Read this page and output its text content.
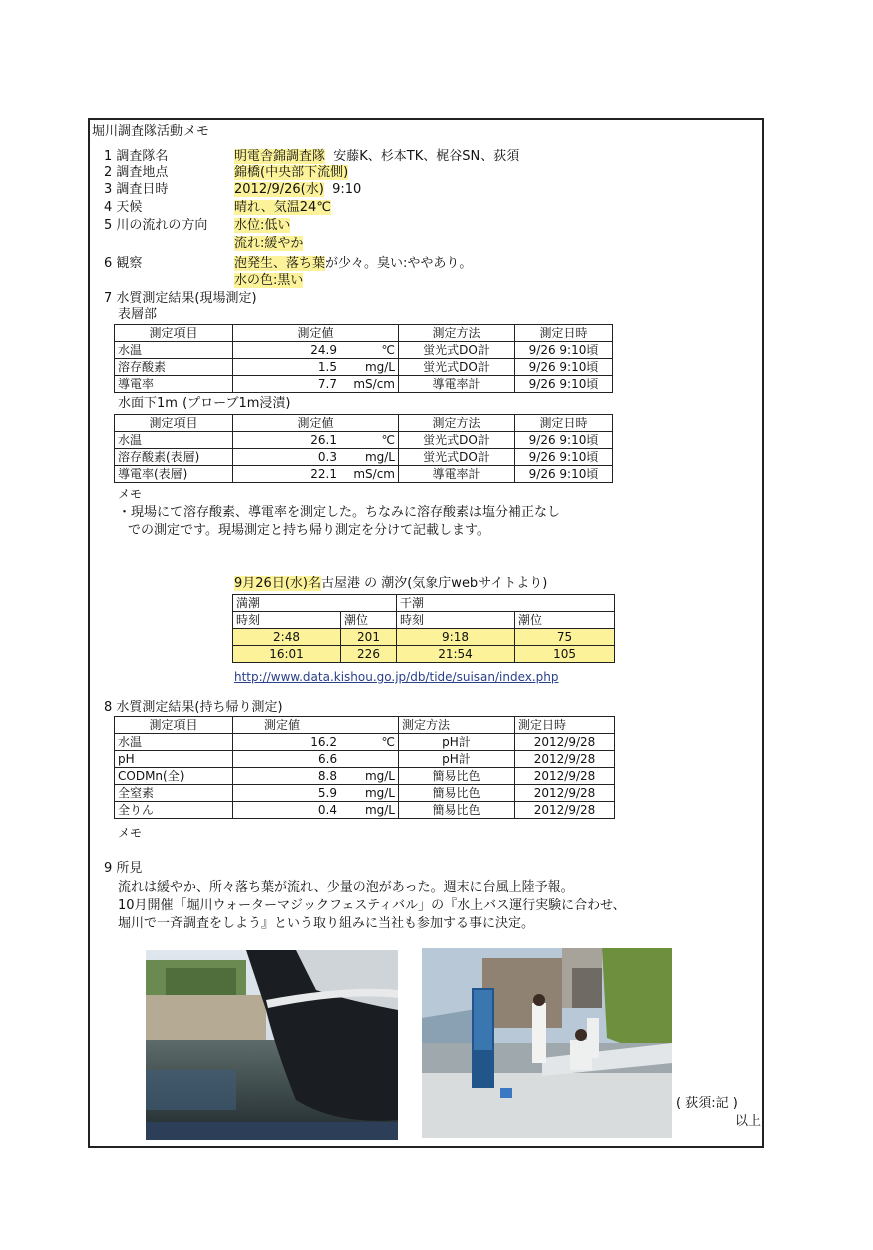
堀川調査隊活動メモ
1 調査隊名	明電舎錦調査隊 安藤K、杉本TK、梶谷SN、荻須
2 調査地点	錦橋(中央部下流側)
3 調査日時	2012/9/26(水) 9:10
4 天候	晴れ、気温24℃
5 川の流れの方向 水位:低い
流れ:緩やか
6 観察	泡発生、落ち葉が少々。臭い:ややあり。
水の色:黒い
7 水質測定結果(現場測定)
表層部
測定項目	測定値	測定方法	測定日時
水温	24.9 ℃	蛍光式DO計	9/26 9:10頃
溶存酸素	1.5 mg/L	蛍光式DO計	9/26 9:10頃
導電率	7.7 mS/cm	導電率計	9/26 9:10頃
水面下1m (プローブ1m浸漬)
測定項目	測定値	測定方法	測定日時
水温	26.1 ℃	蛍光式DO計	9/26 9:10頃
溶存酸素(表層)	0.3 mg/L	蛍光式DO計	9/26 9:10頃
導電率(表層)	22.1 mS/cm	導電率計	9/26 9:10頃
メモ
・現場にて溶存酸素、導電率を測定した。ちなみに溶存酸素は塩分補正なし
での測定です。現場測定と持ち帰り測定を分けて記載します。
9月26日(水)名古屋港 の 潮汐(気象庁webサイトより)
満潮		干潮	
時刻	潮位	時刻	潮位
2:48	201	9:18	75
16:01	226	21:54	105
http://www.data.kishou.go.jp/db/tide/suisan/index.php
8 水質測定結果(持ち帰り測定)
測定項目	測定値	測定方法	測定日時
水温	16.2 ℃	pH計	2012/9/28
pH	6.6	pH計	2012/9/28
CODMn(全)	8.8 mg/L	簡易比色	2012/9/28
全窒素	5.9 mg/L	簡易比色	2012/9/28
全りん	0.4 mg/L	簡易比色	2012/9/28
メモ
9 所見
流れは緩やか、所々落ち葉が流れ、少量の泡があった。週末に台風上陸予報。
10月開催「堀川ウォーターマジックフェスティバル」の『水上バス運行実験に合わせ、
堀川で一斉調査をしよう』という取り組みに当社も参加する事に決定。
( 荻須:記 )
以上
